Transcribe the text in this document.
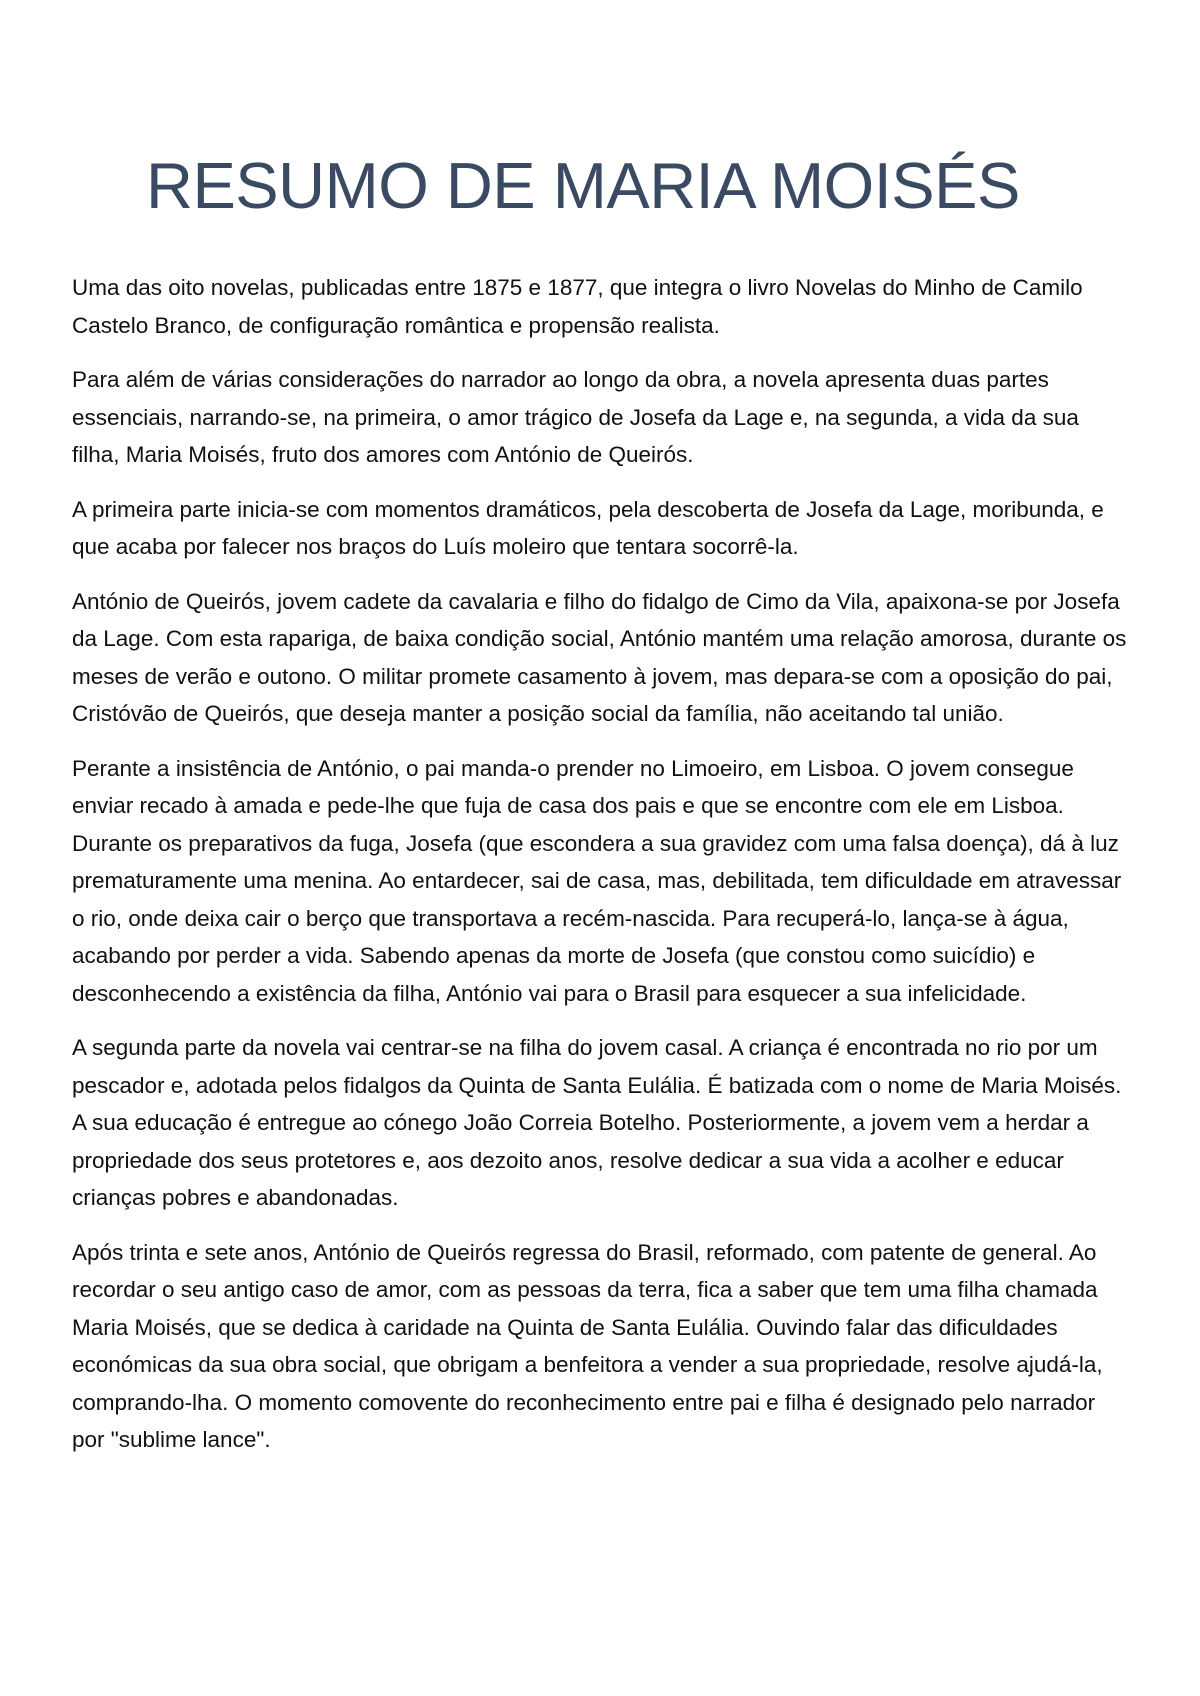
RESUMO DE MARIA MOISÉS

Uma das oito novelas, publicadas entre 1875 e 1877, que integra o livro Novelas do Minho de Camilo Castelo Branco, de configuração romântica e propensão realista.

Para além de várias considerações do narrador ao longo da obra, a novela apresenta duas partes essenciais, narrando-se, na primeira, o amor trágico de Josefa da Lage e, na segunda, a vida da sua filha, Maria Moisés, fruto dos amores com António de Queirós.

A primeira parte inicia-se com momentos dramáticos, pela descoberta de Josefa da Lage, moribunda, e que acaba por falecer nos braços do Luís moleiro que tentara socorrê-la.

António de Queirós, jovem cadete da cavalaria e filho do fidalgo de Cimo da Vila, apaixona-se por Josefa da Lage. Com esta rapariga, de baixa condição social, António mantém uma relação amorosa, durante os meses de verão e outono. O militar promete casamento à jovem, mas depara-se com a oposição do pai, Cristóvão de Queirós, que deseja manter a posição social da família, não aceitando tal união.

Perante a insistência de António, o pai manda-o prender no Limoeiro, em Lisboa. O jovem consegue enviar recado à amada e pede-lhe que fuja de casa dos pais e que se encontre com ele em Lisboa. Durante os preparativos da fuga, Josefa (que escondera a sua gravidez com uma falsa doença), dá à luz prematuramente uma menina. Ao entardecer, sai de casa, mas, debilitada, tem dificuldade em atravessar o rio, onde deixa cair o berço que transportava a recém-nascida. Para recuperá-lo, lança-se à água, acabando por perder a vida. Sabendo apenas da morte de Josefa (que constou como suicídio) e desconhecendo a existência da filha, António vai para o Brasil para esquecer a sua infelicidade.

A segunda parte da novela vai centrar-se na filha do jovem casal. A criança é encontrada no rio por um pescador e, adotada pelos fidalgos da Quinta de Santa Eulália. É batizada com o nome de Maria Moisés. A sua educação é entregue ao cónego João Correia Botelho. Posteriormente, a jovem vem a herdar a propriedade dos seus protetores e, aos dezoito anos, resolve dedicar a sua vida a acolher e educar crianças pobres e abandonadas.

Após trinta e sete anos, António de Queirós regressa do Brasil, reformado, com patente de general. Ao recordar o seu antigo caso de amor, com as pessoas da terra, fica a saber que tem uma filha chamada Maria Moisés, que se dedica à caridade na Quinta de Santa Eulália. Ouvindo falar das dificuldades económicas da sua obra social, que obrigam a benfeitora a vender a sua propriedade, resolve ajudá-la, comprando-lha. O momento comovente do reconhecimento entre pai e filha é designado pelo narrador por "sublime lance".
